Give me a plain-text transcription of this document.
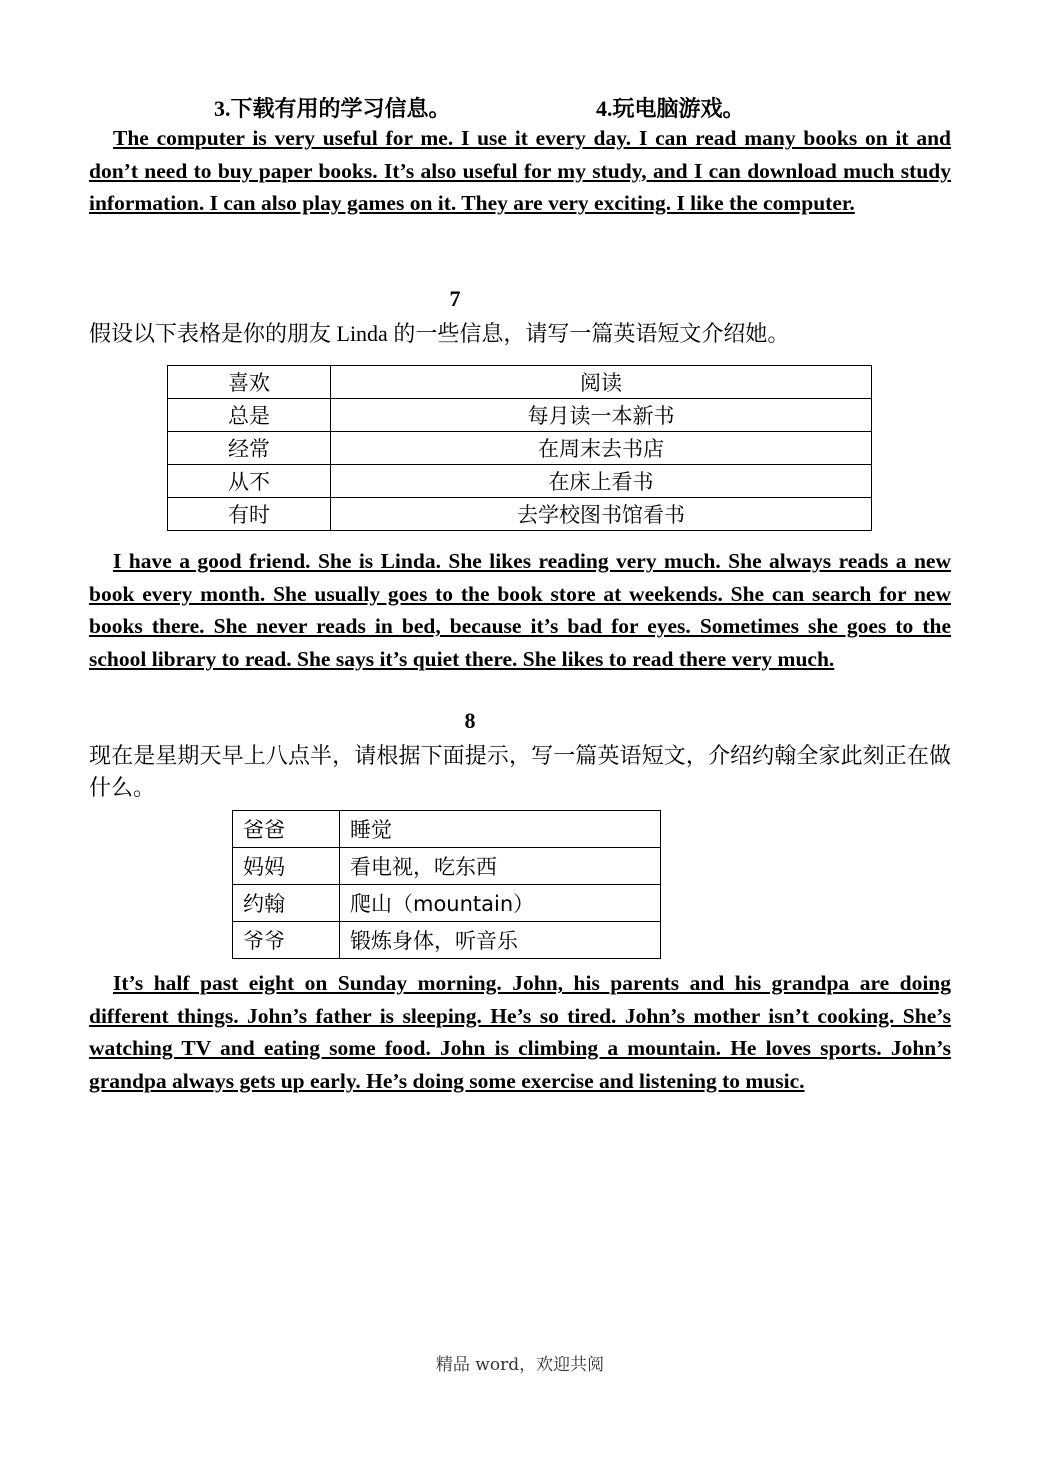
3.下载有用的学习信息。	4.玩电脑游戏。
The computer is very useful for me. I use it every day. I can read many books on it and don’t need to buy paper books. It’s also useful for my study, and I can download much study information. I can also play games on it. They are very exciting. I like the computer.
7
假设以下表格是你的朋友 Linda 的一些信息，请写一篇英语短文介绍她。
喜欢	阅读
总是	每月读一本新书
经常	在周末去书店
从不	在床上看书
有时	去学校图书馆看书
I have a good friend. She is Linda. She likes reading very much. She always reads a new book every month. She usually goes to the book store at weekends. She can search for new books there. She never reads in bed, because it’s bad for eyes. Sometimes she goes to the school library to read. She says it’s quiet there. She likes to read there very much.
8
现在是星期天早上八点半，请根据下面提示，写一篇英语短文，介绍约翰全家此刻正在做什么。
爸爸	睡觉
妈妈	看电视，吃东西
约翰	爬山（mountain）
爷爷	锻炼身体，听音乐
It’s half past eight on Sunday morning. John, his parents and his grandpa are doing different things. John’s father is sleeping. He’s so tired. John’s mother isn’t cooking. She’s watching TV and eating some food. John is climbing a mountain. He loves sports. John’s grandpa always gets up early. He’s doing some exercise and listening to music.
精品 word，欢迎共阅
